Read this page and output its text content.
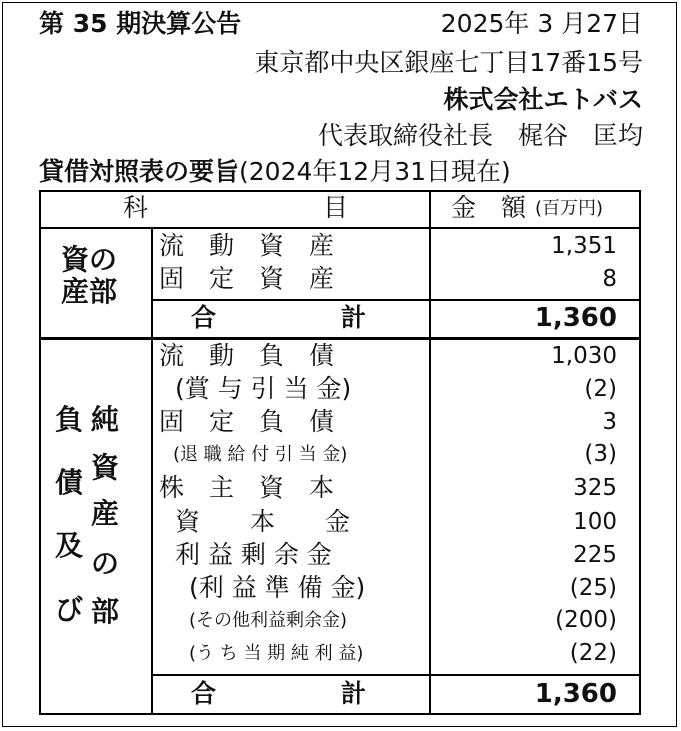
第 35 期決算公告	2025年 3 月27日
東京都中央区銀座七丁目17番15号
株式会社エトバス
代表取締役社長　梶谷　匡均
貸借対照表の要旨(2024年12月31日現在)
科　　　　　　　目	金　額 (百万円)
資の
産部
流　動　資　産	1,351
固　定　資　産	8
合　　　　　計	1,360
負
債
及
び
純
資
産
の
部
流　動　負　債	1,030
(賞 与 引 当 金)	(2)
固　定　負　債	3
(退 職 給 付 引 当 金)	(3)
株　主　資　本	325
資　　本　　金	100
利 益 剰 余 金	225
(利 益 準 備 金)	(25)
(その他利益剰余金)	(200)
(う ち 当 期 純 利 益)	(22)
合　　　　　計	1,360
